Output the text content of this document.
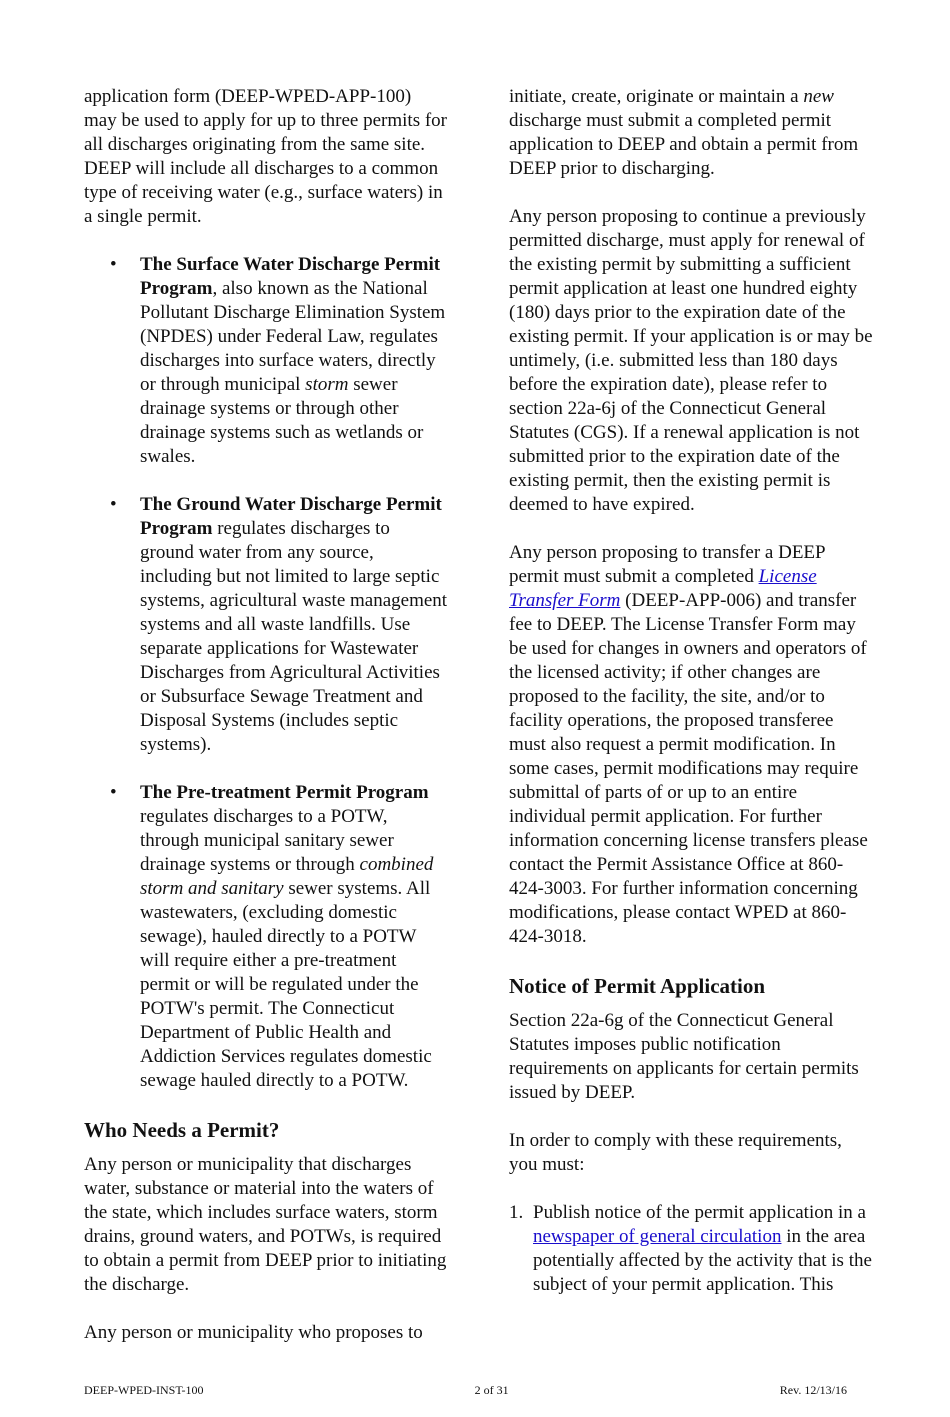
application form (DEEP-WPED-APP-100) may be used to apply for up to three permits for all discharges originating from the same site. DEEP will include all discharges to a common type of receiving water (e.g., surface waters) in a single permit.

• The Surface Water Discharge Permit Program, also known as the National Pollutant Discharge Elimination System (NPDES) under Federal Law, regulates discharges into surface waters, directly or through municipal storm sewer drainage systems or through other drainage systems such as wetlands or swales.
• The Ground Water Discharge Permit Program regulates discharges to ground water from any source, including but not limited to large septic systems, agricultural waste management systems and all waste landfills. Use separate applications for Wastewater Discharges from Agricultural Activities or Subsurface Sewage Treatment and Disposal Systems (includes septic systems).
• The Pre-treatment Permit Program regulates discharges to a POTW, through municipal sanitary sewer drainage systems or through combined storm and sanitary sewer systems. All wastewaters, (excluding domestic sewage), hauled directly to a POTW will require either a pre-treatment permit or will be regulated under the POTW's permit. The Connecticut Department of Public Health and Addiction Services regulates domestic sewage hauled directly to a POTW.
Who Needs a Permit?

Any person or municipality that discharges water, substance or material into the waters of the state, which includes surface waters, storm drains, ground waters, and POTWs, is required to obtain a permit from DEEP prior to initiating the discharge.

Any person or municipality who proposes to

initiate, create, originate or maintain a new discharge must submit a completed permit application to DEEP and obtain a permit from DEEP prior to discharging.

Any person proposing to continue a previously permitted discharge, must apply for renewal of the existing permit by submitting a sufficient permit application at least one hundred eighty (180) days prior to the expiration date of the existing permit. If your application is or may be untimely, (i.e. submitted less than 180 days before the expiration date), please refer to section 22a-6j of the Connecticut General Statutes (CGS). If a renewal application is not submitted prior to the expiration date of the existing permit, then the existing permit is deemed to have expired.

Any person proposing to transfer a DEEP permit must submit a completed License Transfer Form (DEEP-APP-006) and transfer fee to DEEP. The License Transfer Form may be used for changes in owners and operators of the licensed activity; if other changes are proposed to the facility, the site, and/or to facility operations, the proposed transferee must also request a permit modification. In some cases, permit modifications may require submittal of parts of or up to an entire individual permit application. For further information concerning license transfers please contact the Permit Assistance Office at 860-424-3003. For further information concerning modifications, please contact WPED at 860-424-3018.

Notice of Permit Application

Section 22a-6g of the Connecticut General Statutes imposes public notification requirements on applicants for certain permits issued by DEEP.

In order to comply with these requirements, you must:

1. Publish notice of the permit application in a newspaper of general circulation in the area potentially affected by the activity that is the subject of your permit application. This
DEEP-WPED-INST-100	2 of 31	Rev. 12/13/16
